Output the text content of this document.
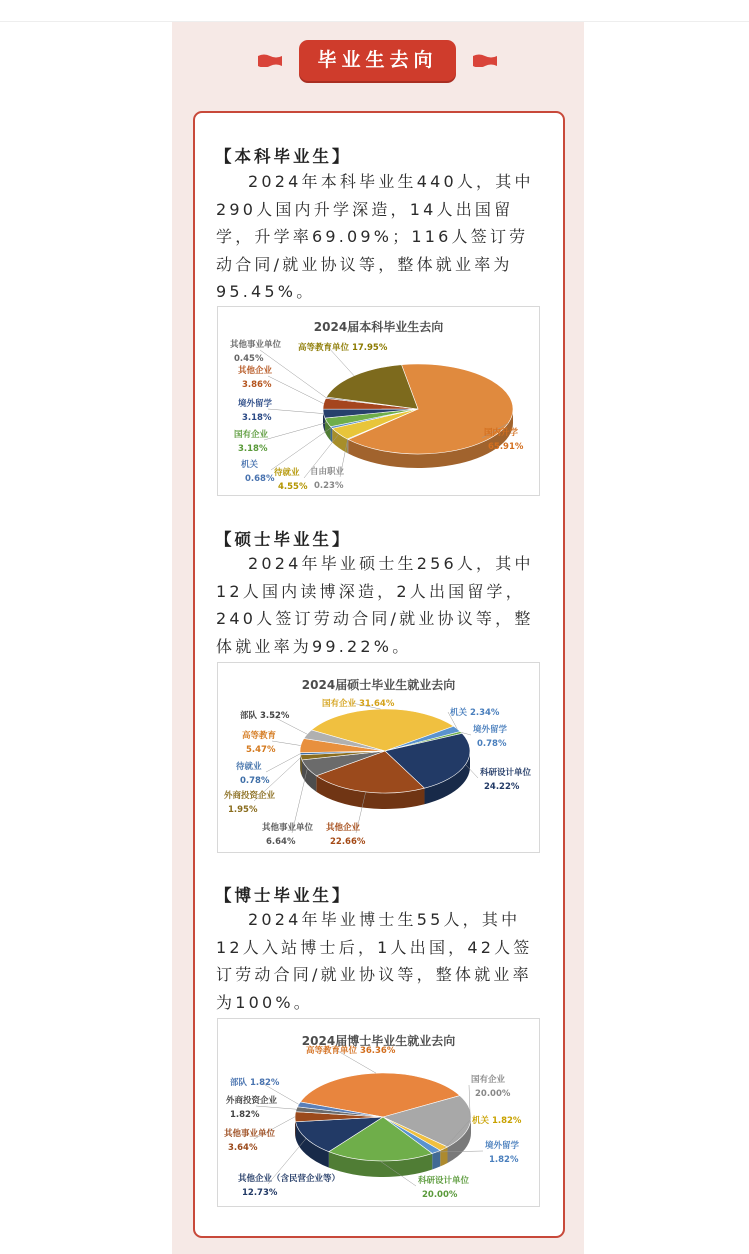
毕业生去向
【本科毕业生】
2024年本科毕业生440人，其中290人国内升学深造，14人出国留学，升学率69.09%；116人签订劳动合同/就业协议等，整体就业率为95.45%。
2024届本科毕业生去向
国内升学
65.91%
自由职业
0.23%
待就业
4.55%
机关
0.68%
国有企业
3.18%
境外留学
3.18%
其他企业
3.86%
其他事业单位
0.45%
高等教育单位 17.95%
【硕士毕业生】
2024年毕业硕士生256人，其中12人国内读博深造，2人出国留学，240人签订劳动合同/就业协议等，整体就业率为99.22%。
2024届硕士毕业生就业去向
国有企业 31.64%
机关 2.34%
境外留学
0.78%
科研设计单位
24.22%
其他企业
22.66%
其他事业单位
6.64%
外商投资企业
1.95%
待就业
0.78%
高等教育
5.47%
部队 3.52%
【博士毕业生】
2024年毕业博士生55人，其中12人入站博士后，1人出国，42人签订劳动合同/就业协议等，整体就业率为100%。
2024届博士毕业生就业去向
高等教育单位 36.36%
国有企业
20.00%
机关 1.82%
境外留学
1.82%
科研设计单位
20.00%
其他企业（含民营企业等）
12.73%
其他事业单位
3.64%
外商投资企业
1.82%
部队 1.82%
